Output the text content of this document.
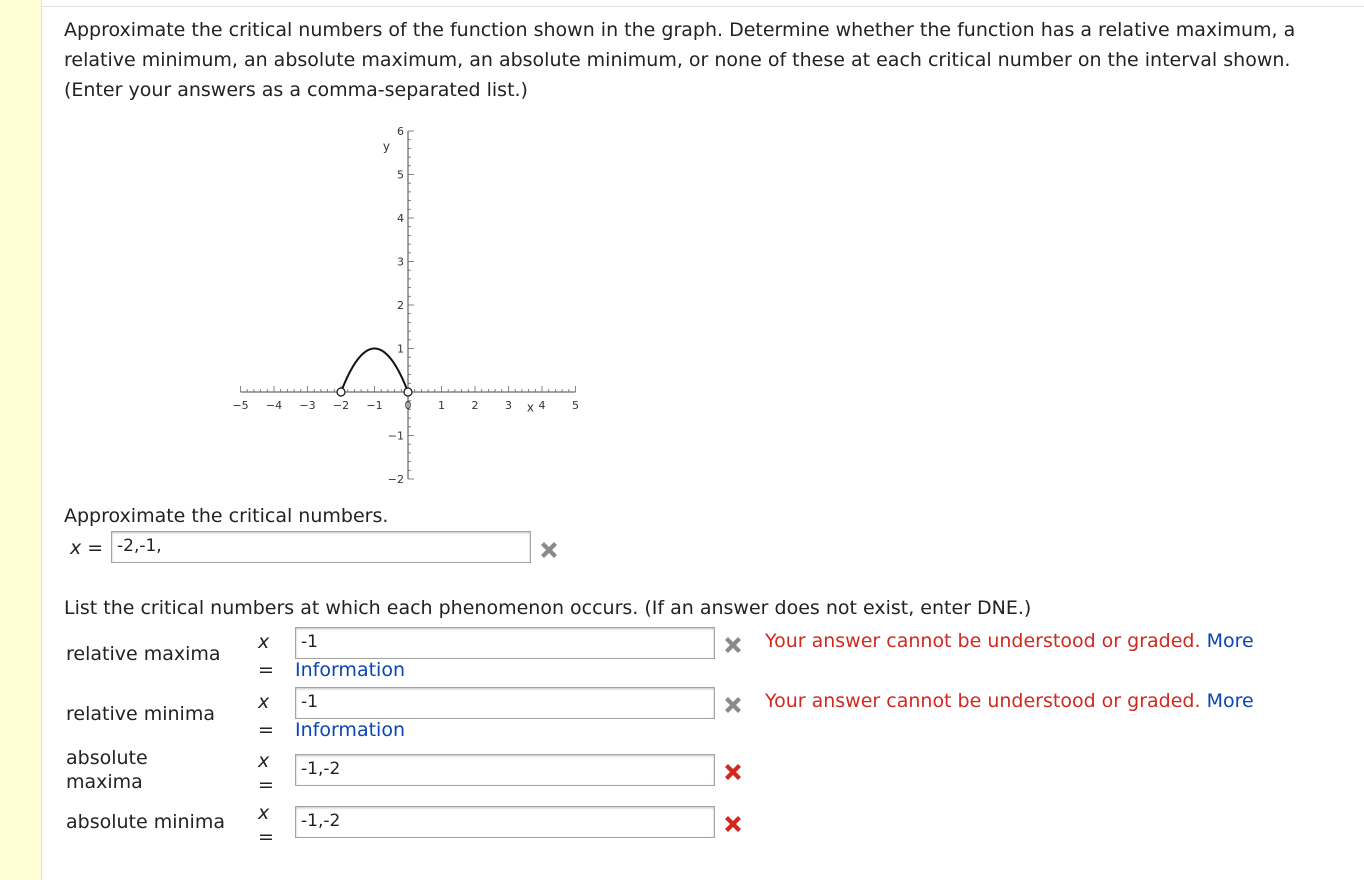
Approximate the critical numbers of the function shown in the graph. Determine whether the function has a relative maximum, a relative minimum, an absolute maximum, an absolute minimum, or none of these at each critical number on the interval shown. (Enter your answers as a comma-separated list.)
−5 −4 −3 −2 −1 0 1 2 3 4 5
6
5
4
3
2
1
−1
−2
x
y
Approximate the critical numbers.
x = -2,-1,
List the critical numbers at which each phenomenon occurs. (If an answer does not exist, enter DNE.)
relative maxima
x
=
-1	Your answer cannot be understood or graded. More
Information
relative minima
x
=
-1	Your answer cannot be understood or graded. More
Information
absolute
maxima
x
=
-1,-2
absolute minima x
=
-1,-2
